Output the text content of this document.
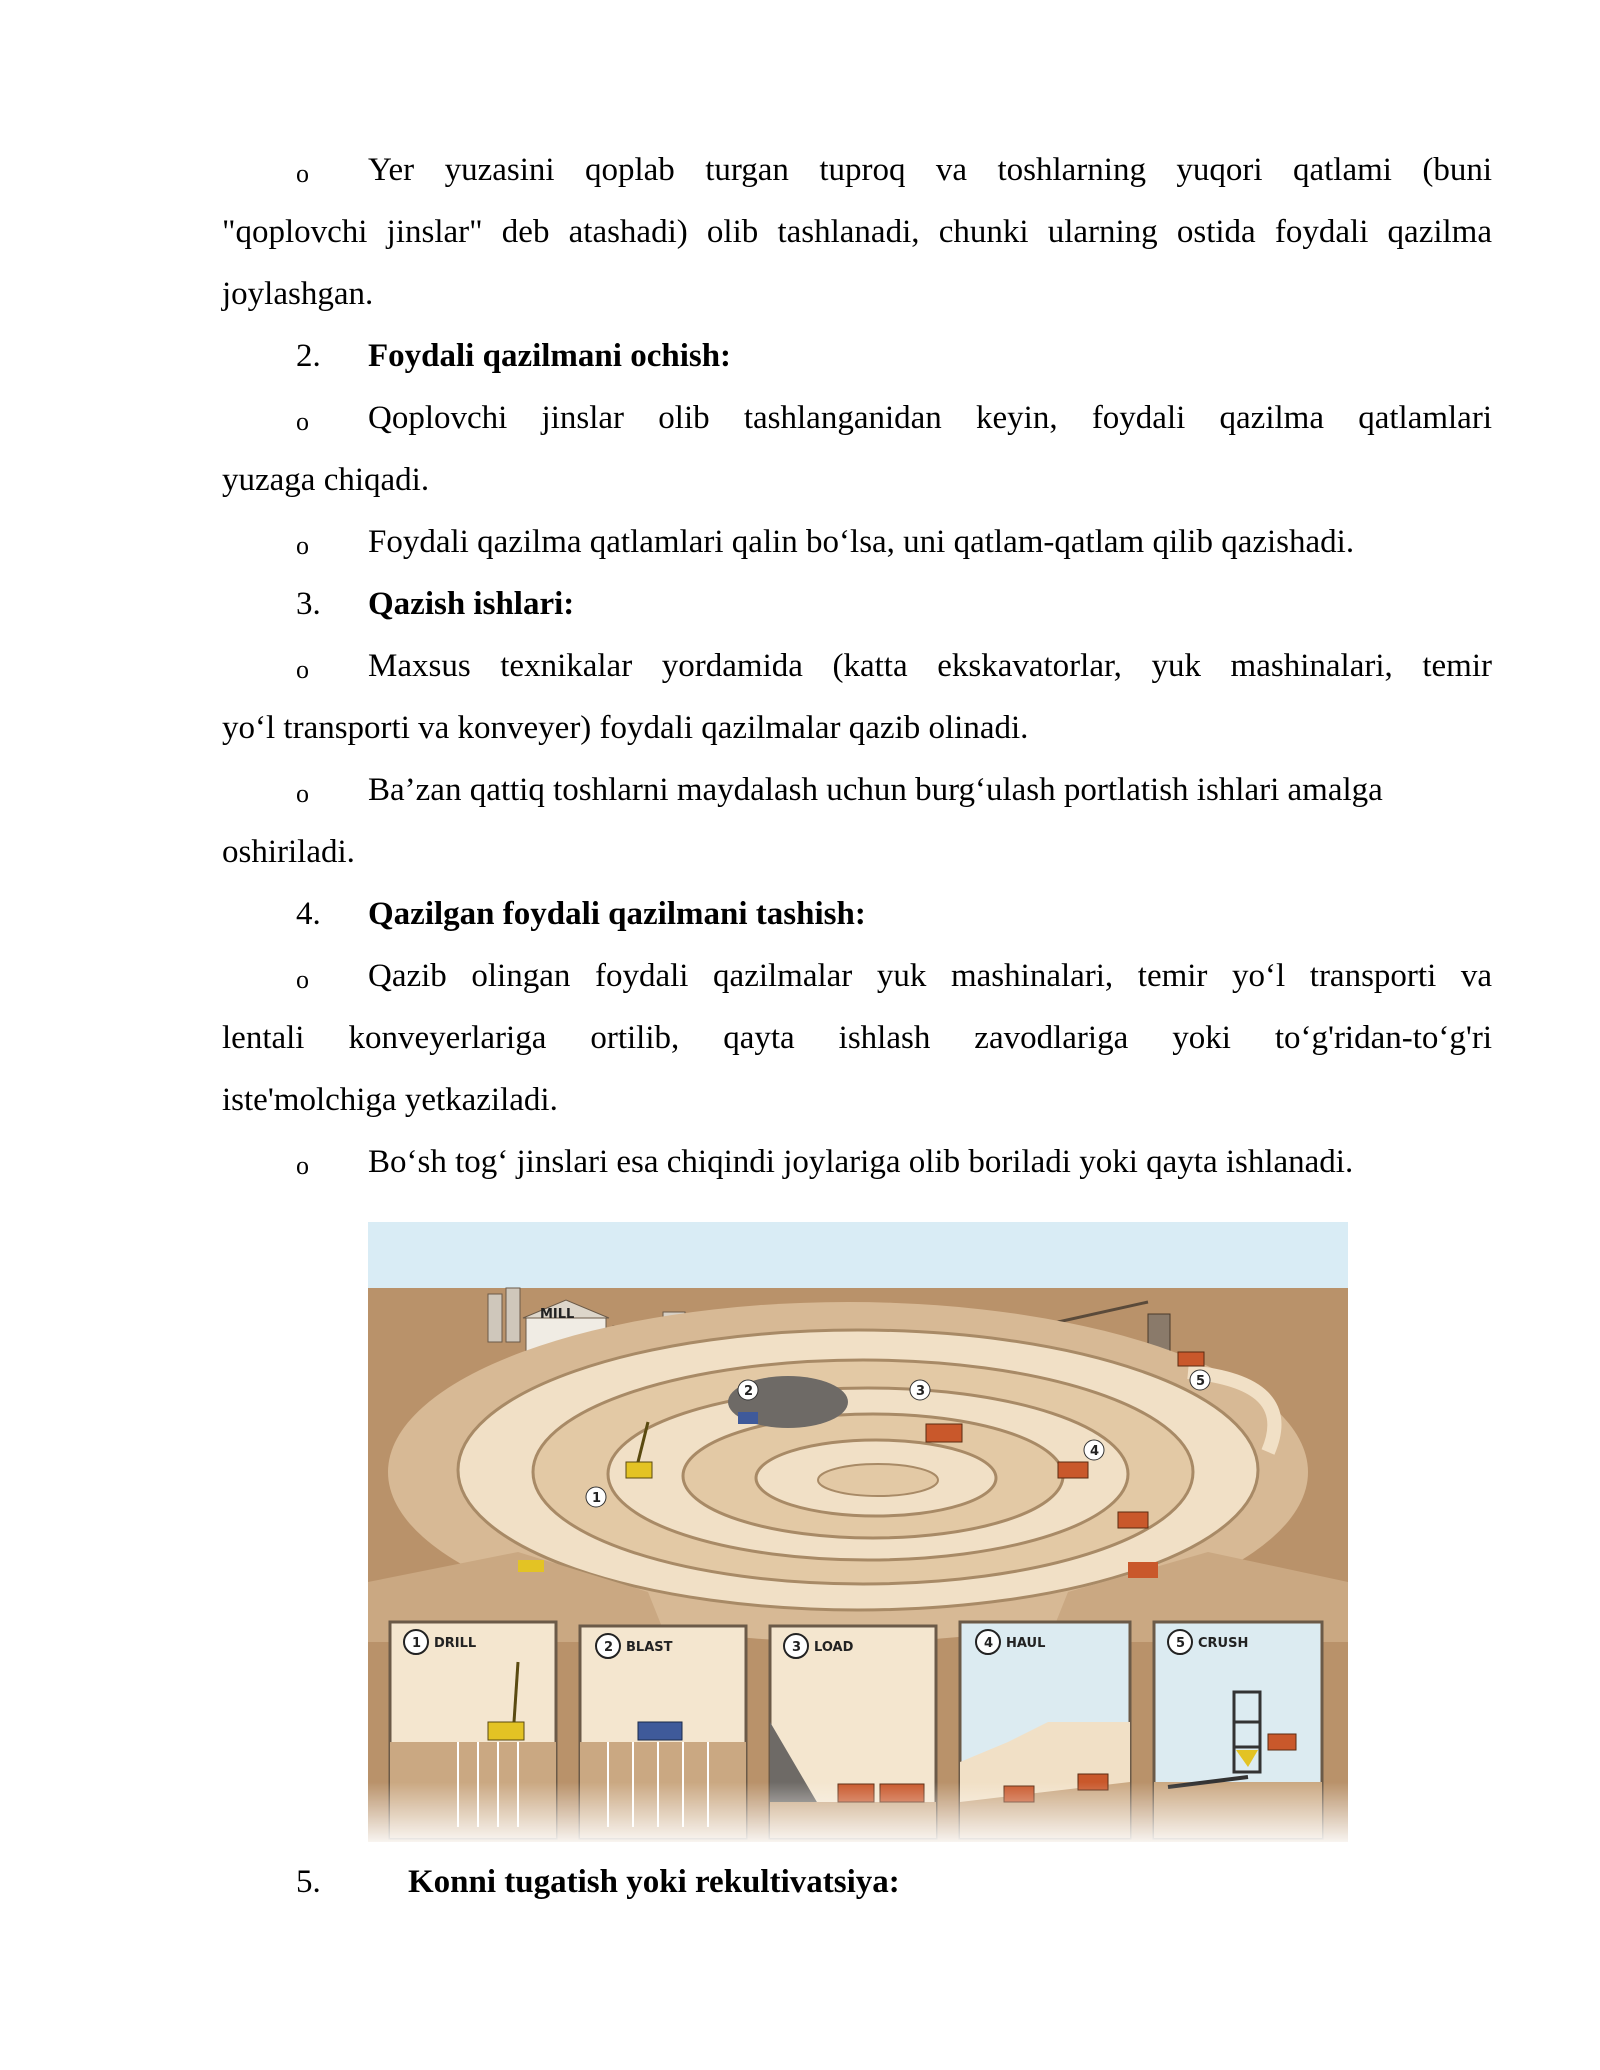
o Yer yuzasini qoplab turgan tuproq va toshlarning yuqori qatlami (buni
"qoplovchi jinslar" deb atashadi) olib tashlanadi, chunki ularning ostida foydali qazilma
joylashgan.
2. Foydali qazilmani ochish:
o Qoplovchi jinslar olib tashlanganidan keyin, foydali qazilma qatlamlari
yuzaga chiqadi.
o Foydali qazilma qatlamlari qalin bo‘lsa, uni qatlam-qatlam qilib qazishadi.
3. Qazish ishlari:
o Maxsus texnikalar yordamida (katta ekskavatorlar, yuk mashinalari, temir
yo‘l transporti va konveyer) foydali qazilmalar qazib olinadi.
o Ba’zan qattiq toshlarni maydalash uchun burg‘ulash portlatish ishlari amalga
oshiriladi.
4. Qazilgan foydali qazilmani tashish:
o Qazib olingan foydali qazilmalar yuk mashinalari, temir yo‘l transporti va
lentali konveyerlariga ortilib, qayta ishlash zavodlariga yoki to‘g'ridan-to‘g'ri
iste'molchiga yetkaziladi.
o Bo‘sh tog‘ jinslari esa chiqindi joylariga olib boriladi yoki qayta ishlanadi.
MILL
1
2	3
4
5
1 DRILL	2 BLAST	3 LOAD	4 HAUL	5 CRUSH
5.	Konni tugatish yoki rekultivatsiya:
